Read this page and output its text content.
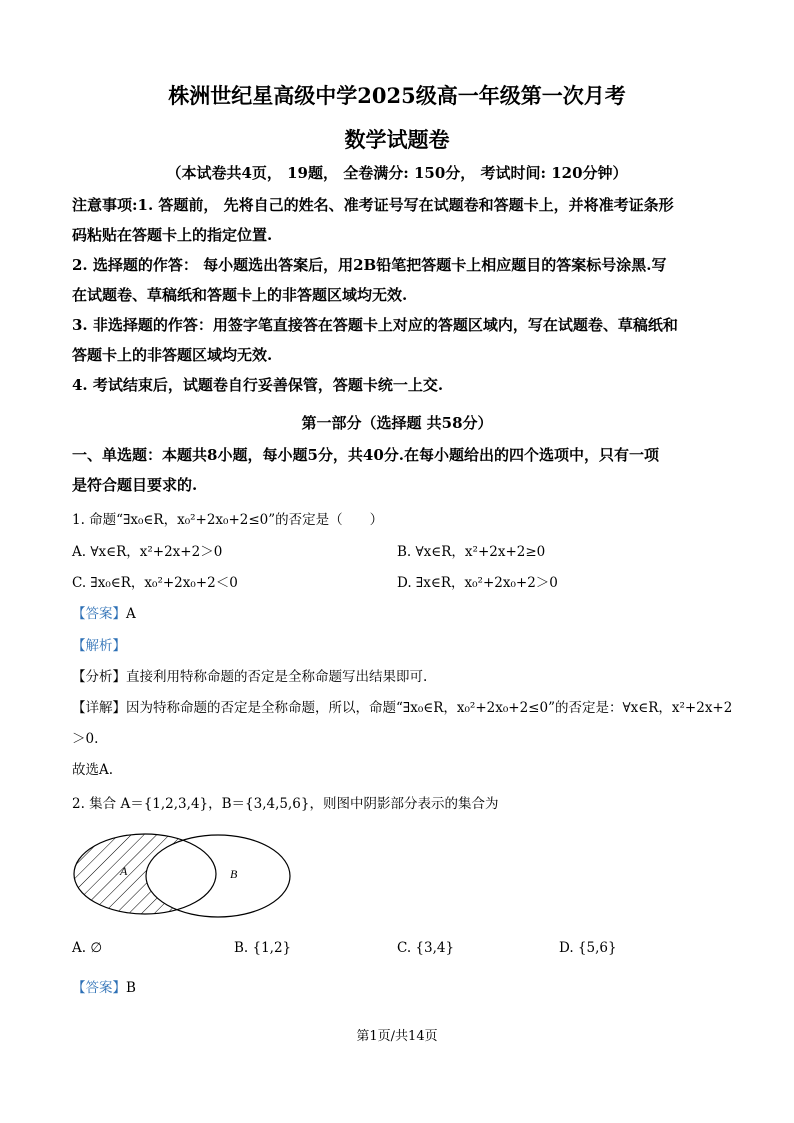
株洲世纪星高级中学2025级高一年级第一次月考
数学试题卷
（本试卷共4页， 19题， 全卷满分: 150分， 考试时间: 120分钟）
注意事项:1. 答题前， 先将自己的姓名、准考证号写在试题卷和答题卡上，并将准考证条形
码粘贴在答题卡上的指定位置.
2. 选择题的作答： 每小题选出答案后，用2B铅笔把答题卡上相应题目的答案标号涂黑.写
在试题卷、草稿纸和答题卡上的非答题区域均无效.
3. 非选择题的作答：用签字笔直接答在答题卡上对应的答题区域内，写在试题卷、草稿纸和
答题卡上的非答题区域均无效.
4. 考试结束后，试题卷自行妥善保管，答题卡统一上交.
第一部分（选择题 共58分）
一、单选题：本题共8小题，每小题5分，共40分.在每小题给出的四个选项中，只有一项
是符合题目要求的.
1. 命题“∃x₀∈R，x₀²+2x₀+2≤0”的否定是（　　）
A. ∀x∈R，x²+2x+2＞0	B. ∀x∈R，x²+2x+2≥0
C. ∃x₀∈R，x₀²+2x₀+2＜0	D. ∃x∈R，x₀²+2x₀+2＞0
【答案】A
【解析】
【分析】直接利用特称命题的否定是全称命题写出结果即可.
【详解】因为特称命题的否定是全称命题，所以，命题“∃x₀∈R，x₀²+2x₀+2≤0”的否定是：∀x∈R，x²+2x+2
＞0.
故选A.
2. 集合 A＝{1,2,3,4}，B＝{3,4,5,6}，则图中阴影部分表示的集合为
A	B
A. ∅	B. {1,2}	C. {3,4}	D. {5,6}
【答案】B
第1页/共14页
